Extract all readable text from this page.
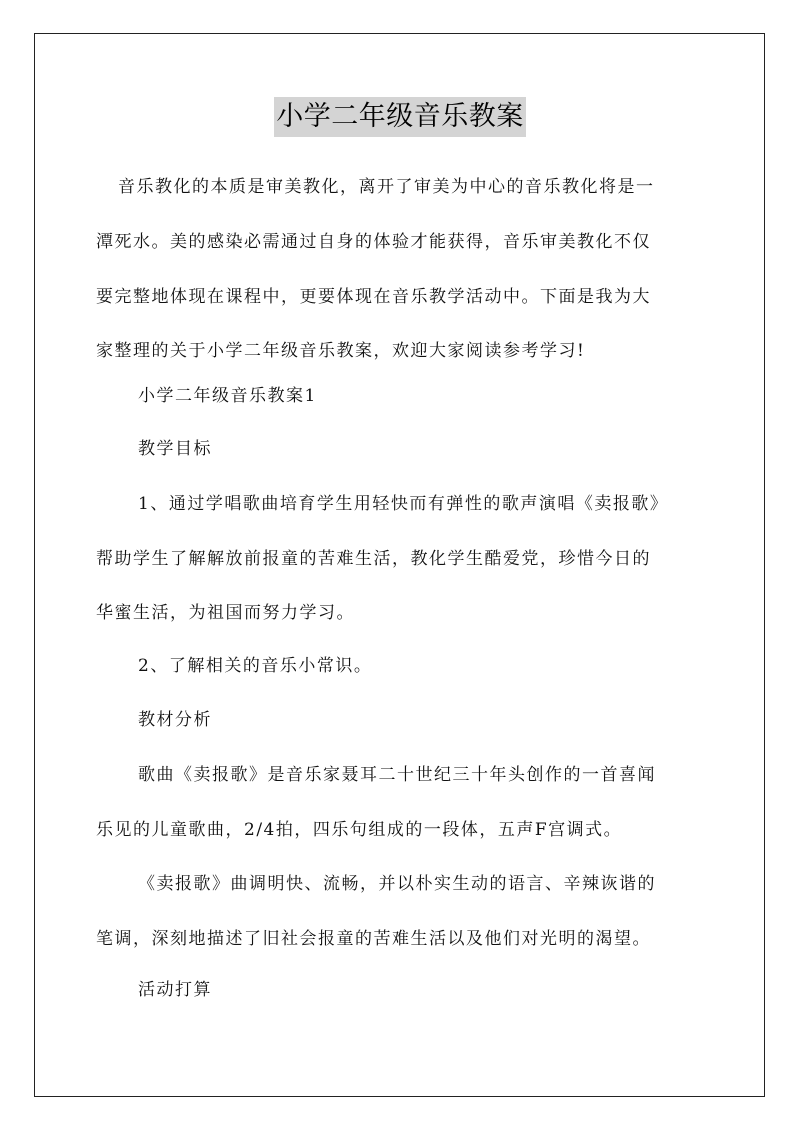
小学二年级音乐教案
音乐教化的本质是审美教化，离开了审美为中心的音乐教化将是一
潭死水。美的感染必需通过自身的体验才能获得，音乐审美教化不仅
要完整地体现在课程中，更要体现在音乐教学活动中。下面是我为大
家整理的关于小学二年级音乐教案，欢迎大家阅读参考学习!
小学二年级音乐教案1
教学目标
1、通过学唱歌曲培育学生用轻快而有弹性的歌声演唱《卖报歌》
帮助学生了解解放前报童的苦难生活，教化学生酷爱党，珍惜今日的
华蜜生活，为祖国而努力学习。
2、了解相关的音乐小常识。
教材分析
歌曲《卖报歌》是音乐家聂耳二十世纪三十年头创作的一首喜闻
乐见的儿童歌曲，2/4拍，四乐句组成的一段体，五声F宫调式。
《卖报歌》曲调明快、流畅，并以朴实生动的语言、辛辣诙谐的
笔调，深刻地描述了旧社会报童的苦难生活以及他们对光明的渴望。
活动打算
